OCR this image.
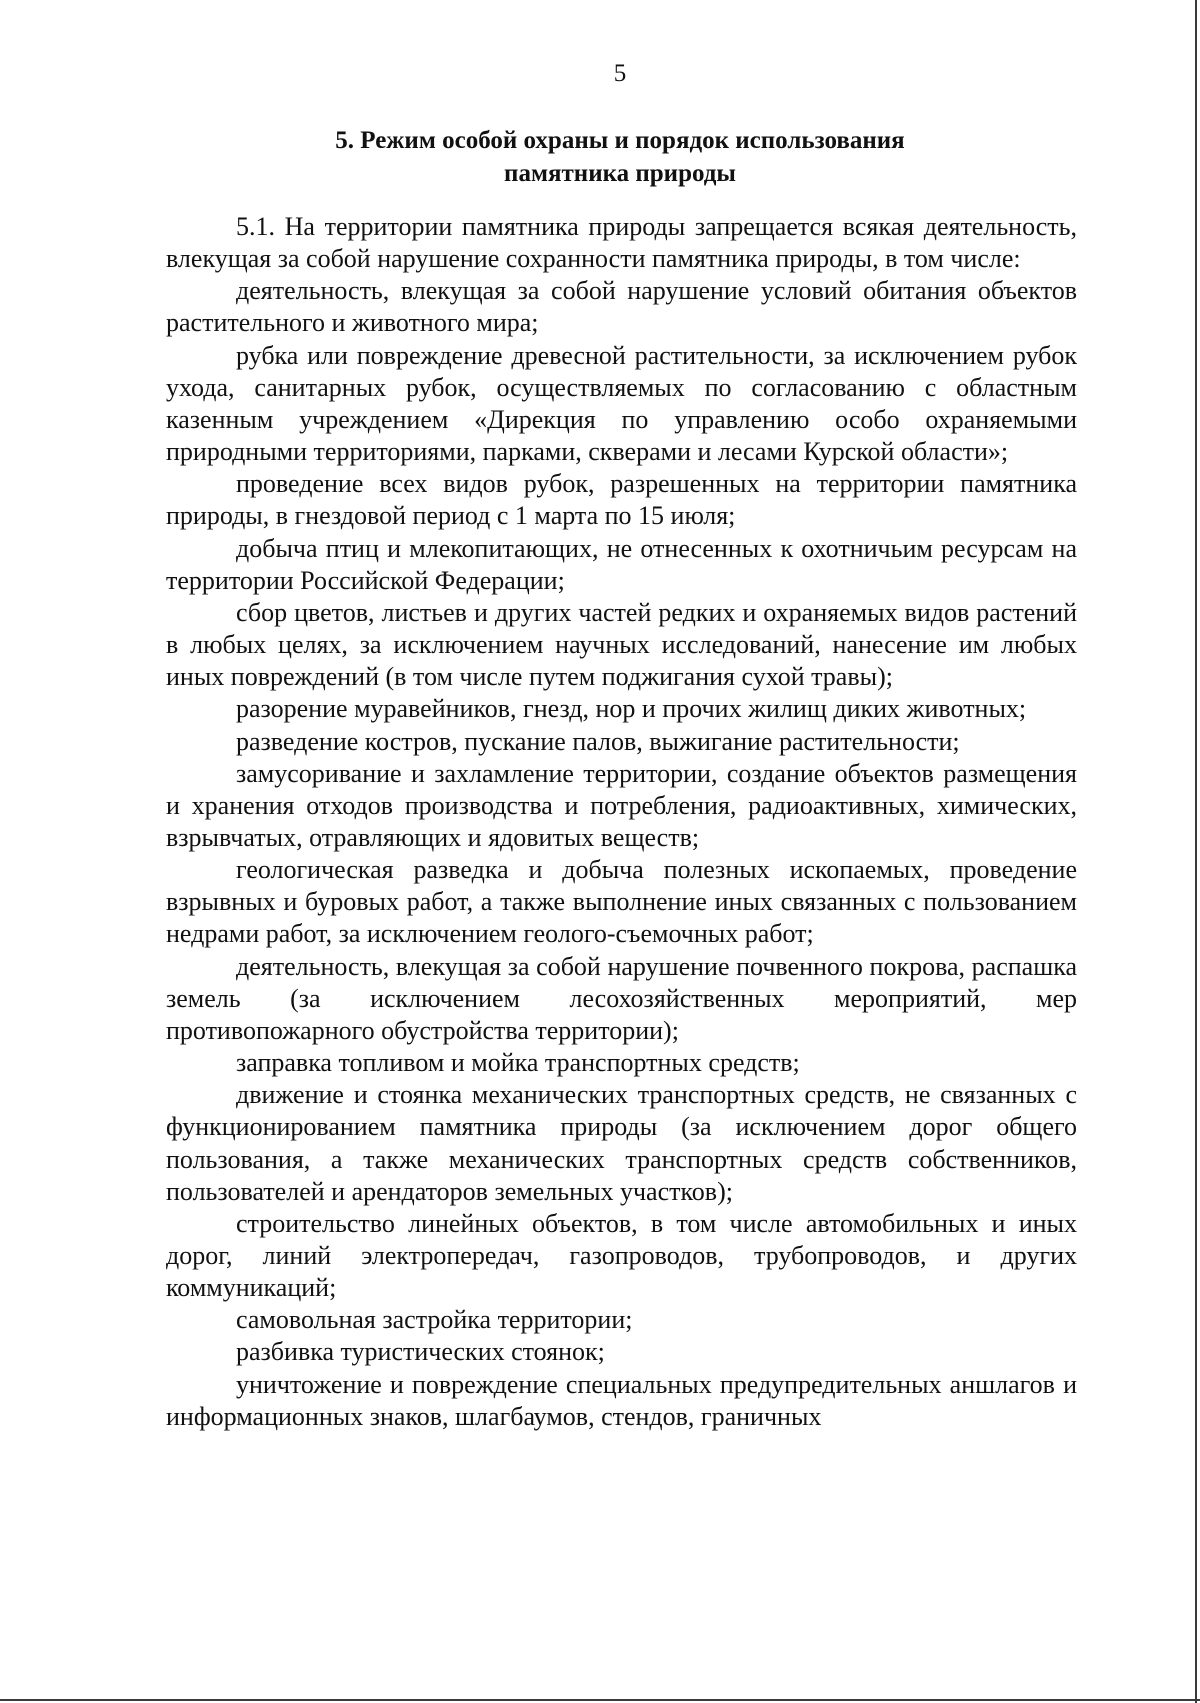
5
5. Режим особой охраны и порядок использования
памятника природы

5.1. На территории памятника природы запрещается всякая деятельность, влекущая за собой нарушение сохранности памятника природы, в том числе:

деятельность, влекущая за собой нарушение условий обитания объектов растительного и животного мира;

рубка или повреждение древесной растительности, за исключением рубок ухода, санитарных рубок, осуществляемых по согласованию с областным казенным учреждением «Дирекция по управлению особо охраняемыми природными территориями, парками, скверами и лесами Курской области»;

проведение всех видов рубок, разрешенных на территории памятника природы, в гнездовой период с 1 марта по 15 июля;

добыча птиц и млекопитающих, не отнесенных к охотничьим ресурсам на территории Российской Федерации;

сбор цветов, листьев и других частей редких и охраняемых видов растений в любых целях, за исключением научных исследований, нанесение им любых иных повреждений (в том числе путем поджигания сухой травы);

разорение муравейников, гнезд, нор и прочих жилищ диких животных;

разведение костров, пускание палов, выжигание растительности;

замусоривание и захламление территории, создание объектов размещения и хранения отходов производства и потребления, радиоактивных, химических, взрывчатых, отравляющих и ядовитых веществ;

геологическая разведка и добыча полезных ископаемых, проведение взрывных и буровых работ, а также выполнение иных связанных с пользованием недрами работ, за исключением геолого-съемочных работ;

деятельность, влекущая за собой нарушение почвенного покрова, распашка земель (за исключением лесохозяйственных мероприятий, мер противопожарного обустройства территории);

заправка топливом и мойка транспортных средств;

движение и стоянка механических транспортных средств, не связанных с функционированием памятника природы (за исключением дорог общего пользования, а также механических транспортных средств собственников, пользователей и арендаторов земельных участков);

строительство линейных объектов, в том числе автомобильных и иных дорог, линий электропередач, газопроводов, трубопроводов, и других коммуникаций;

самовольная застройка территории;

разбивка туристических стоянок;

уничтожение и повреждение специальных предупредительных аншлагов и информационных знаков, шлагбаумов, стендов, граничных
